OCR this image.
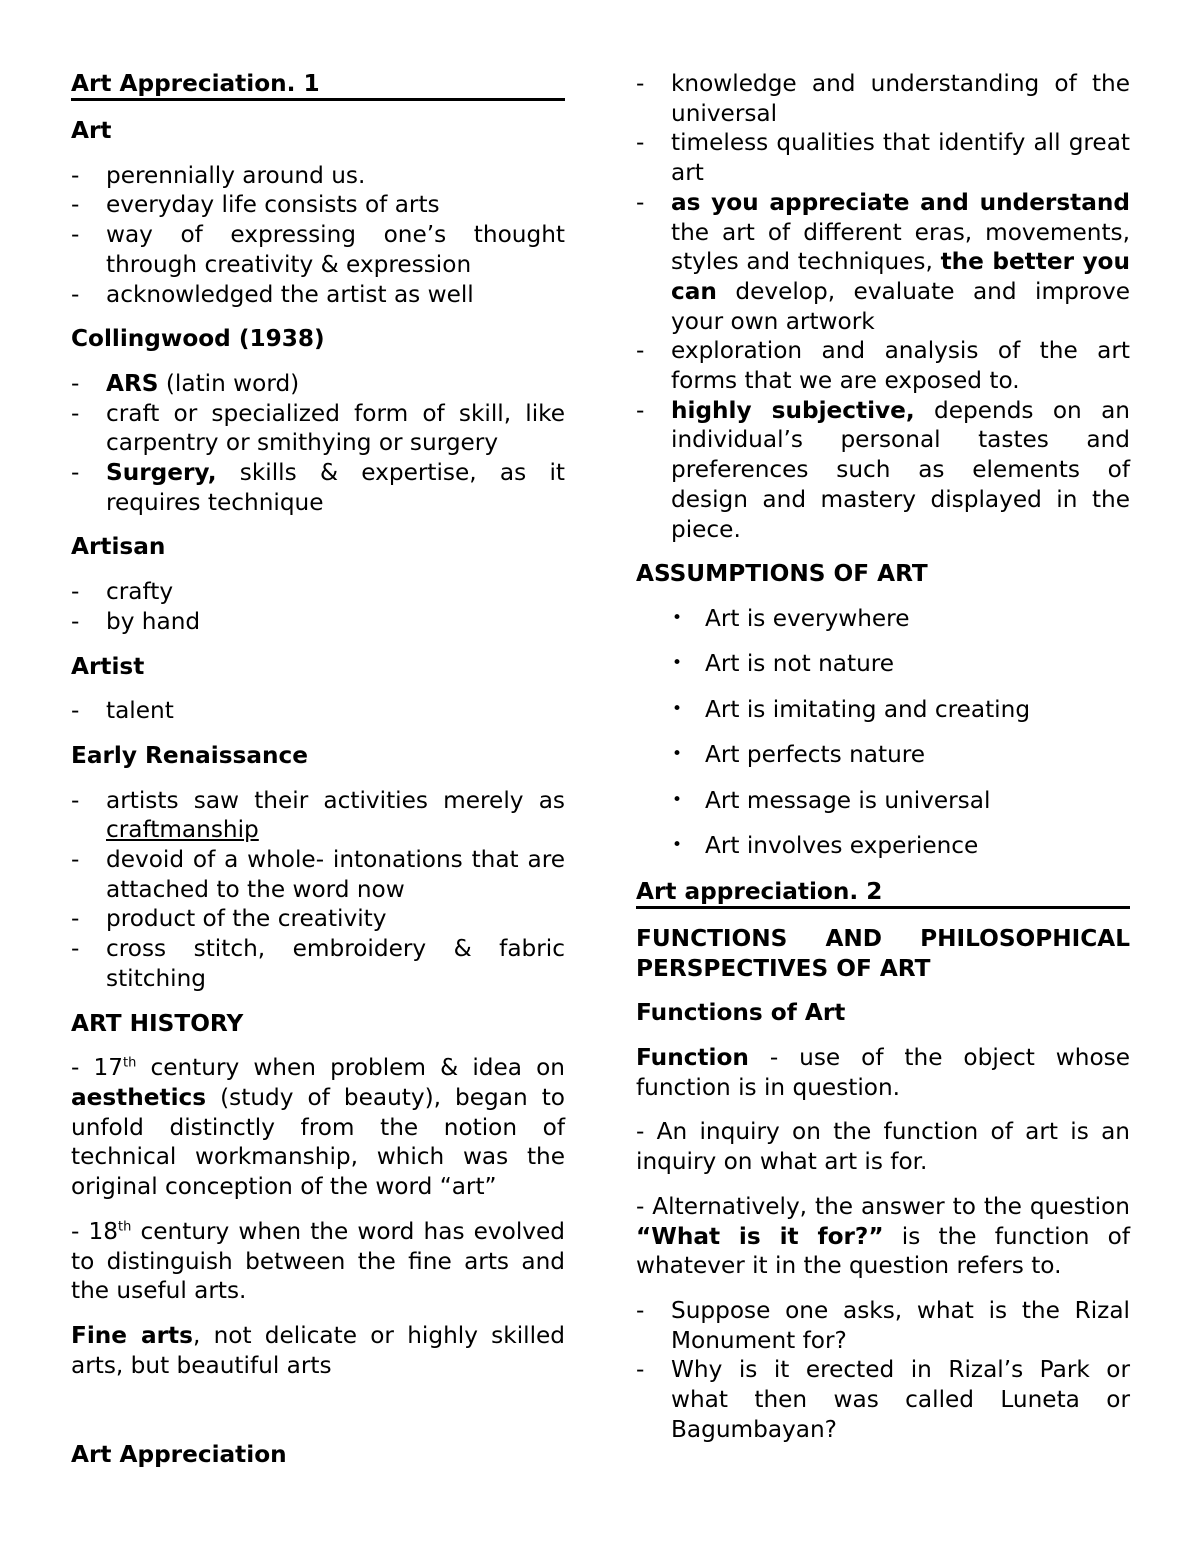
Art Appreciation. 1
Art
- perennially around us.
- everyday life consists of arts
- way of expressing one’s thought through creativity & expression
- acknowledged the artist as well
Collingwood (1938)
- ARS (latin word)
- craft or specialized form of skill, like carpentry or smithying or surgery
- Surgery, skills & expertise, as it requires technique
Artisan
- crafty
- by hand
Artist
- talent
Early Renaissance
- artists saw their activities merely as craftmanship
- devoid of a whole- intonations that are attached to the word now
- product of the creativity
- cross stitch, embroidery & fabric stitching
ART HISTORY

- 17th century when problem & idea on aesthetics (study of beauty), began to unfold distinctly from the notion of technical workmanship, which was the original conception of the word “art”

- 18th century when the word has evolved to distinguish between the fine arts and the useful arts.

Fine arts, not delicate or highly skilled arts, but beautiful arts

Art Appreciation
- knowledge and understanding of the universal
- timeless qualities that identify all great art
- as you appreciate and understand the art of different eras, movements, styles and techniques, the better you can develop, evaluate and improve your own artwork
- exploration and analysis of the art forms that we are exposed to.
- highly subjective, depends on an individual’s personal tastes and preferences such as elements of design and mastery displayed in the piece.
ASSUMPTIONS OF ART
• Art is everywhere
• Art is not nature
• Art is imitating and creating
• Art perfects nature
• Art message is universal
• Art involves experience
Art appreciation. 2
FUNCTIONS AND PHILOSOPHICAL PERSPECTIVES OF ART
Functions of Art

Function - use of the object whose function is in question.

- An inquiry on the function of art is an inquiry on what art is for.

- Alternatively, the answer to the question “What is it for?” is the function of whatever it in the question refers to.

- Suppose one asks, what is the Rizal Monument for?
- Why is it erected in Rizal’s Park or what then was called Luneta or Bagumbayan?
